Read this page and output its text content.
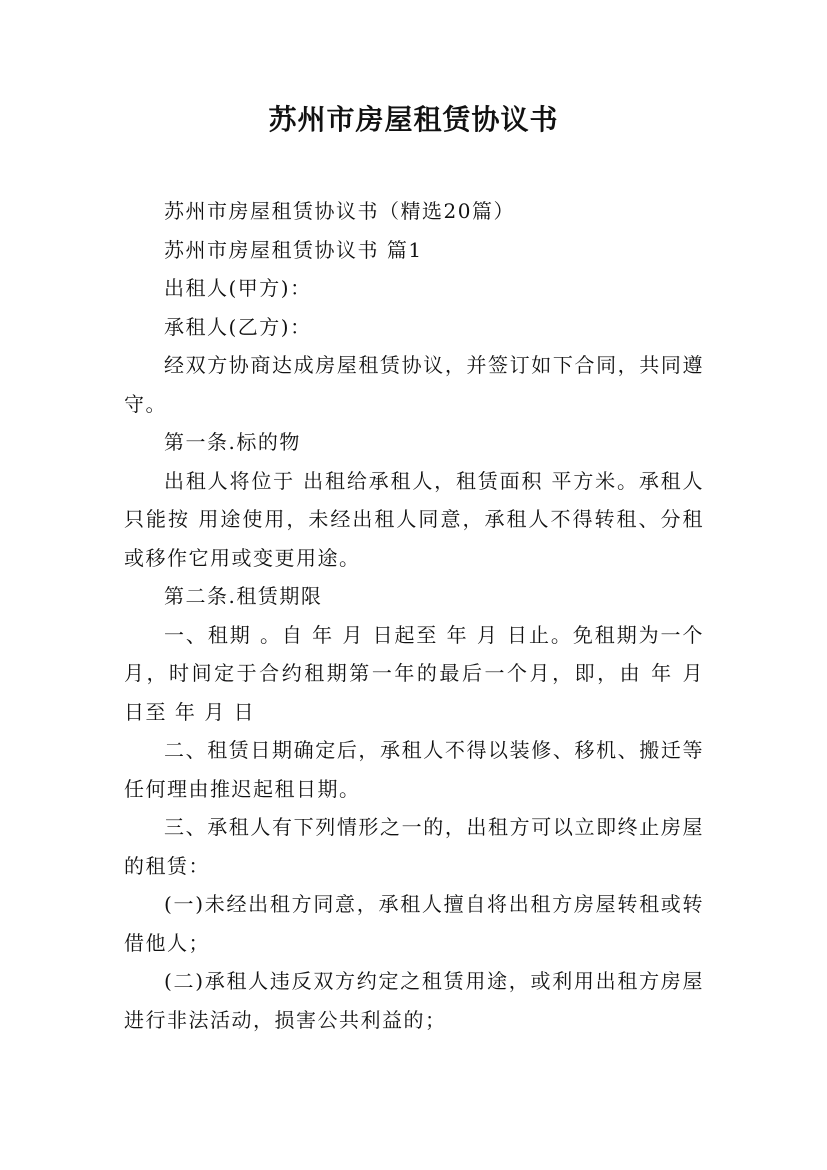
苏州市房屋租赁协议书

苏州市房屋租赁协议书（精选20篇）

苏州市房屋租赁协议书 篇1

出租人(甲方)：

承租人(乙方)：

经双方协商达成房屋租赁协议，并签订如下合同，共同遵守。

第一条.标的物

出租人将位于 出租给承租人，租赁面积 平方米。承租人只能按 用途使用，未经出租人同意，承租人不得转租、分租或移作它用或变更用途。

第二条.租赁期限

一、租期 。自 年 月 日起至 年 月 日止。免租期为一个月，时间定于合约租期第一年的最后一个月，即，由 年 月 日至 年 月 日

二、租赁日期确定后，承租人不得以装修、移机、搬迁等任何理由推迟起租日期。

三、承租人有下列情形之一的，出租方可以立即终止房屋的租赁：

(一)未经出租方同意，承租人擅自将出租方房屋转租或转借他人；

(二)承租人违反双方约定之租赁用途，或利用出租方房屋进行非法活动，损害公共利益的；
